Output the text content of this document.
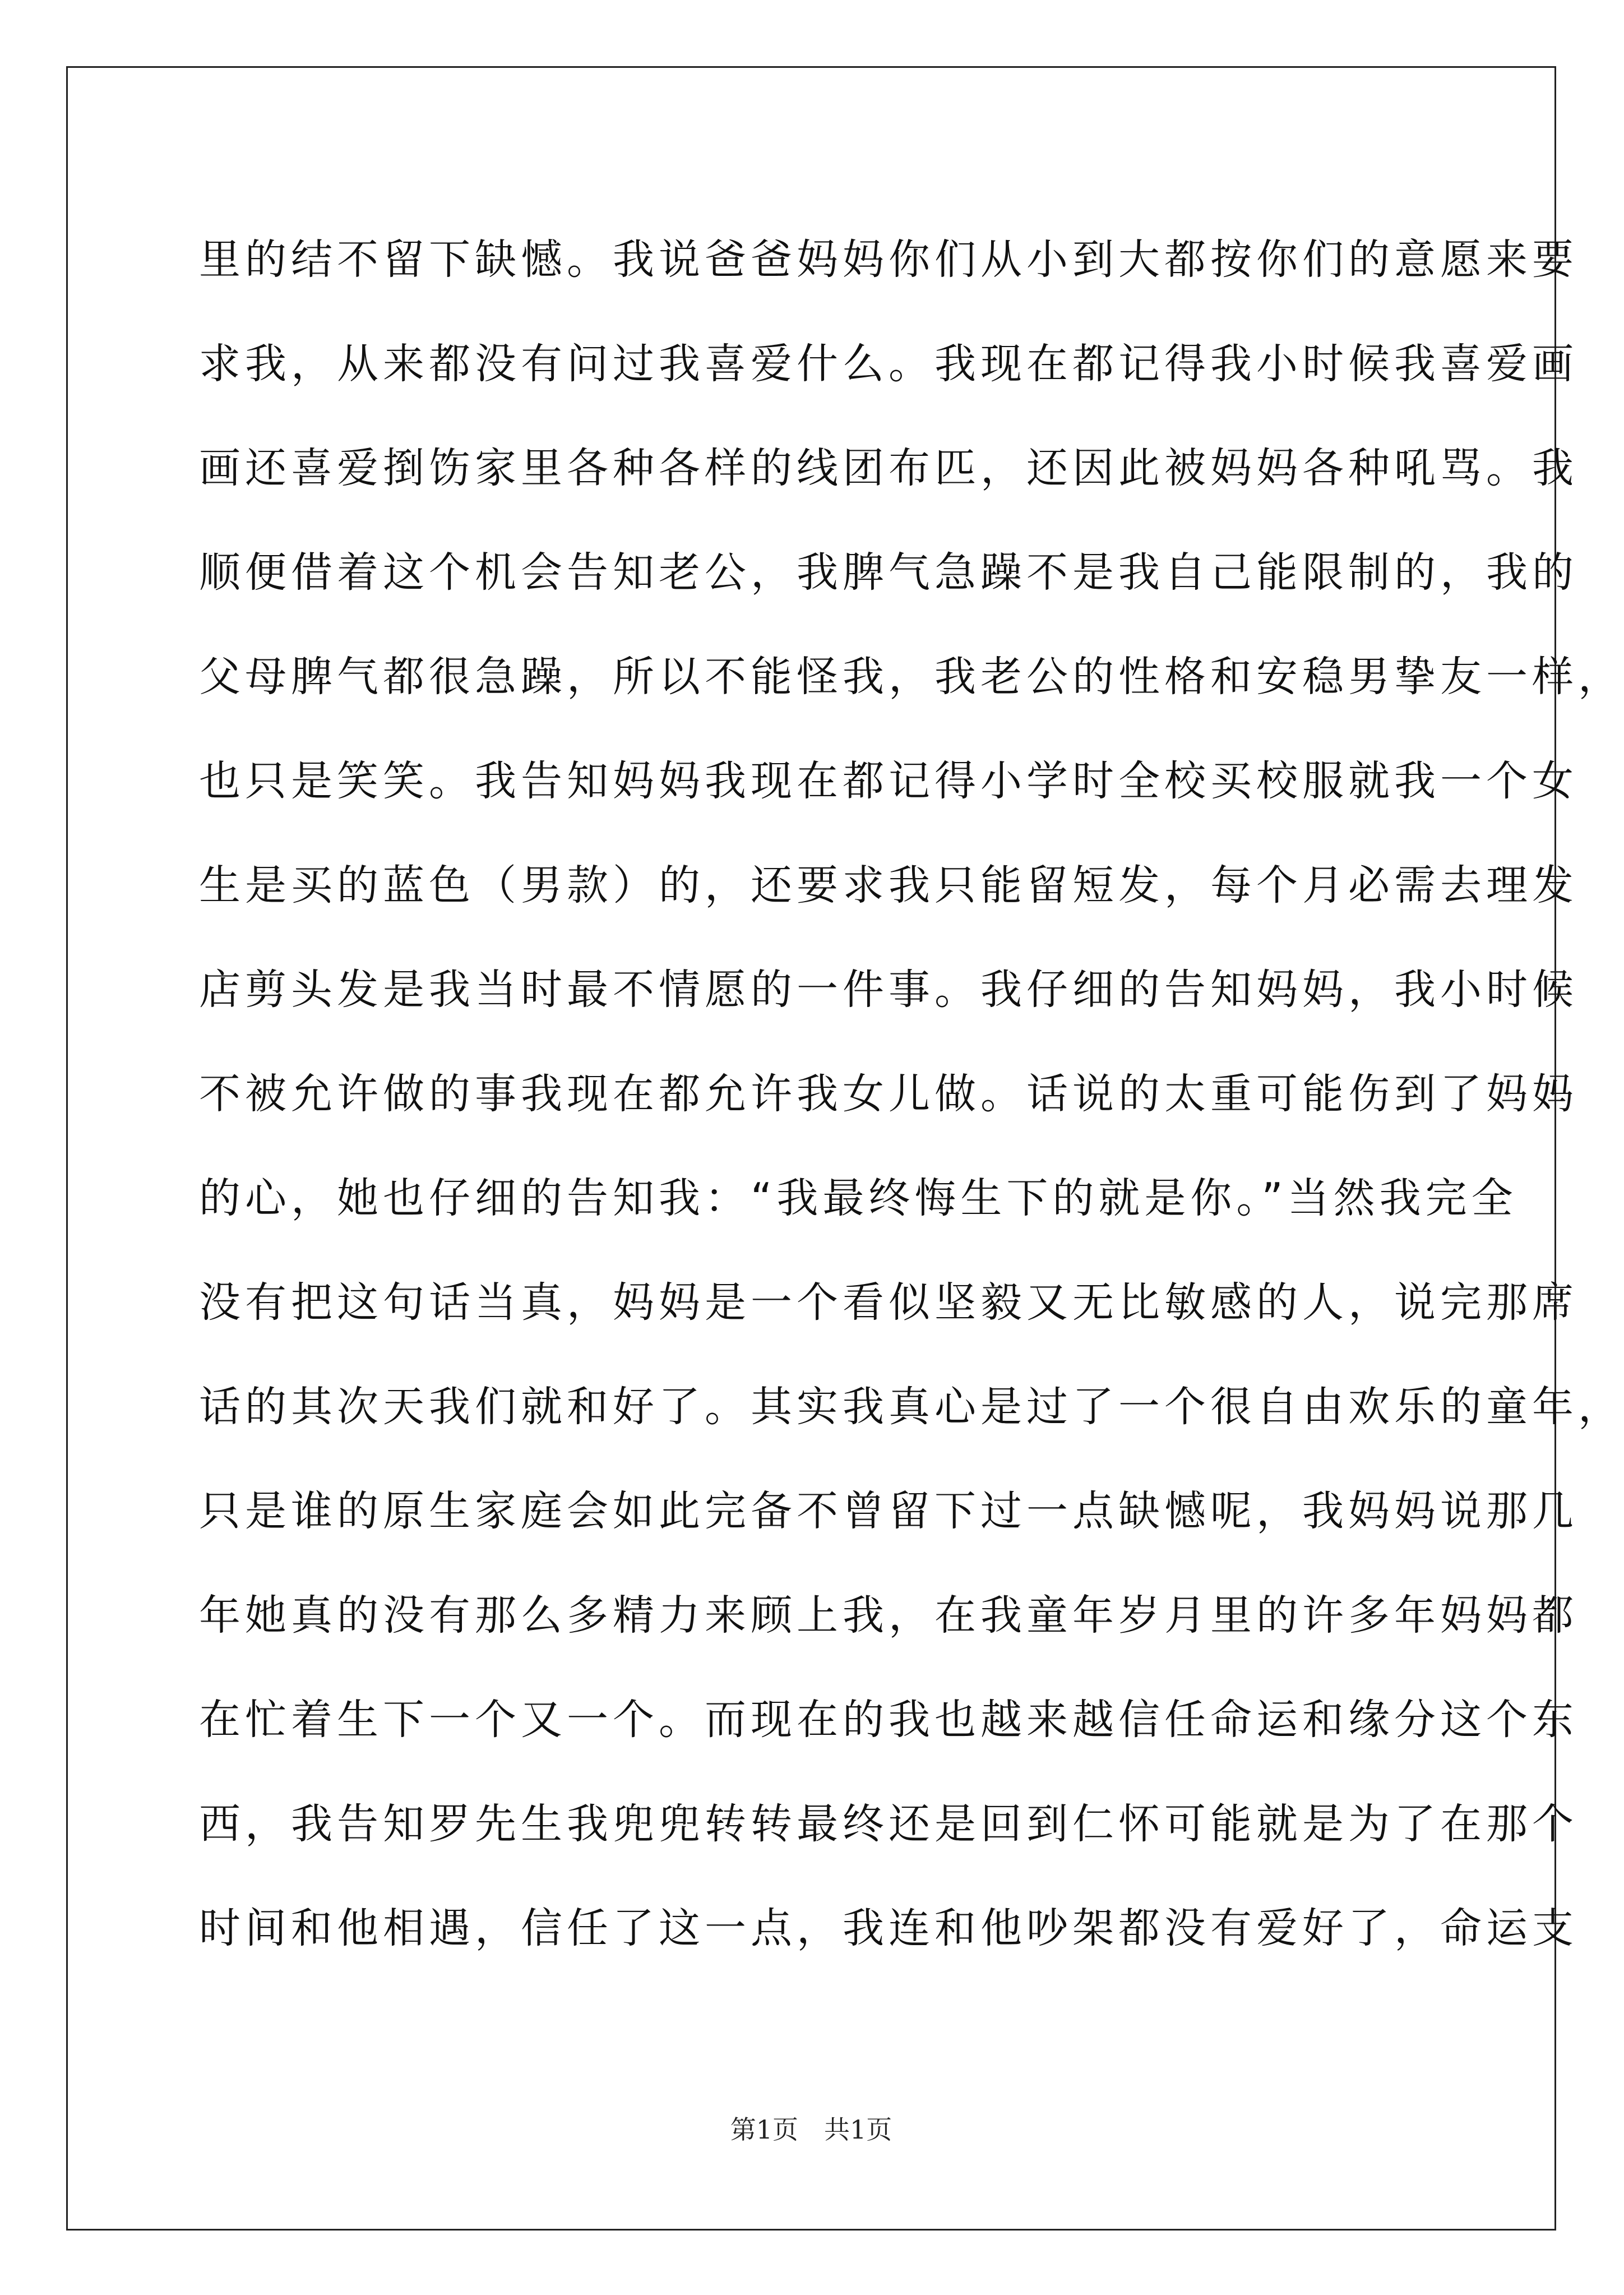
里的结不留下缺憾。我说爸爸妈妈你们从小到大都按你们的意愿来要
求我，从来都没有问过我喜爱什么。我现在都记得我小时候我喜爱画
画还喜爱捯饬家里各种各样的线团布匹，还因此被妈妈各种吼骂。我
顺便借着这个机会告知老公，我脾气急躁不是我自己能限制的，我的
父母脾气都很急躁，所以不能怪我，我老公的性格和安稳男挚友一样，
也只是笑笑。我告知妈妈我现在都记得小学时全校买校服就我一个女
生是买的蓝色（男款）的，还要求我只能留短发，每个月必需去理发
店剪头发是我当时最不情愿的一件事。我仔细的告知妈妈，我小时候
不被允许做的事我现在都允许我女儿做。话说的太重可能伤到了妈妈
的心，她也仔细的告知我：“我最终悔生下的就是你。”当然我完全
没有把这句话当真，妈妈是一个看似坚毅又无比敏感的人，说完那席
话的其次天我们就和好了。其实我真心是过了一个很自由欢乐的童年，
只是谁的原生家庭会如此完备不曾留下过一点缺憾呢，我妈妈说那几
年她真的没有那么多精力来顾上我，在我童年岁月里的许多年妈妈都
在忙着生下一个又一个。而现在的我也越来越信任命运和缘分这个东
西，我告知罗先生我兜兜转转最终还是回到仁怀可能就是为了在那个
时间和他相遇，信任了这一点，我连和他吵架都没有爱好了，命运支
第1页　共1页
